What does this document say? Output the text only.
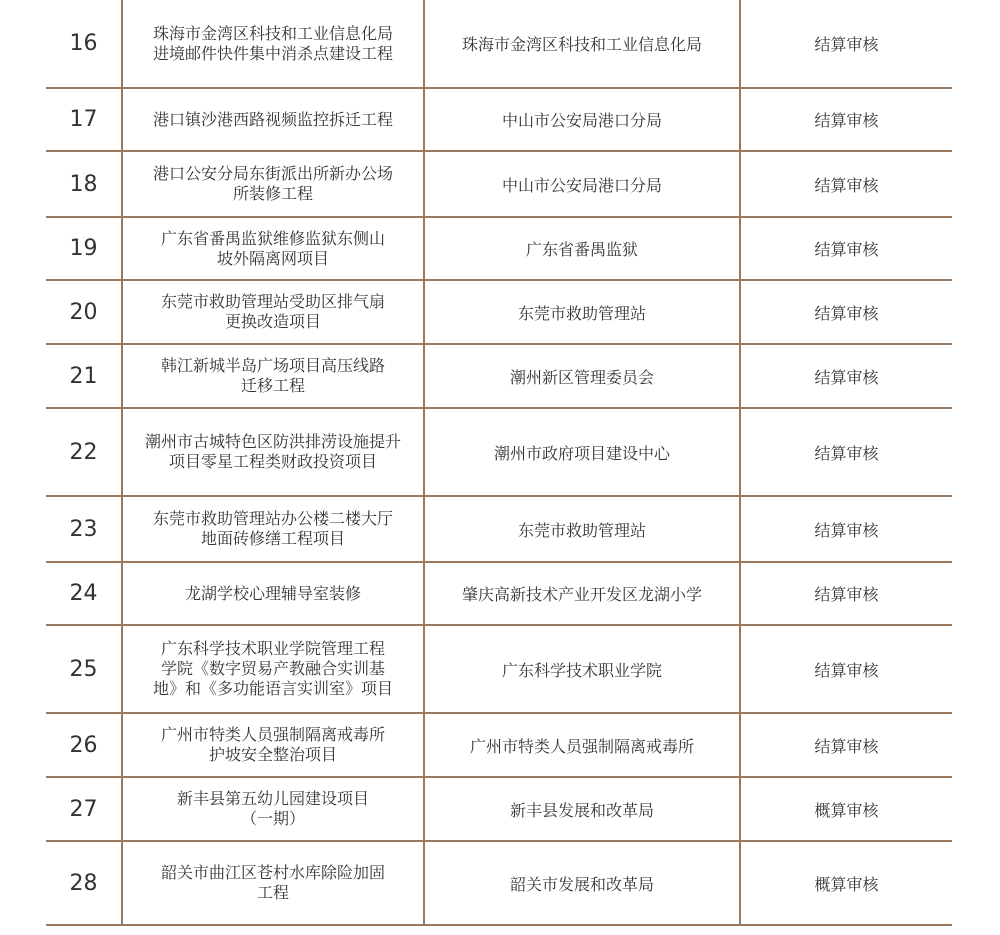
16	珠海市金湾区科技和工业信息化局
进境邮件快件集中消杀点建设工程	珠海市金湾区科技和工业信息化局	结算审核
17	港口镇沙港西路视频监控拆迁工程	中山市公安局港口分局	结算审核
18	港口公安分局东街派出所新办公场
所装修工程	中山市公安局港口分局	结算审核
19	广东省番禺监狱维修监狱东侧山
坡外隔离网项目	广东省番禺监狱	结算审核
20	东莞市救助管理站受助区排气扇
更换改造项目	东莞市救助管理站	结算审核
21	韩江新城半岛广场项目高压线路
迁移工程	潮州新区管理委员会	结算审核
22	潮州市古城特色区防洪排涝设施提升
项目零星工程类财政投资项目	潮州市政府项目建设中心	结算审核
23	东莞市救助管理站办公楼二楼大厅
地面砖修缮工程项目	东莞市救助管理站	结算审核
24	龙湖学校心理辅导室装修	肇庆高新技术产业开发区龙湖小学	结算审核
25	广东科学技术职业学院管理工程
学院《数字贸易产教融合实训基
地》和《多功能语言实训室》项目	广东科学技术职业学院	结算审核
26	广州市特类人员强制隔离戒毒所
护坡安全整治项目	广州市特类人员强制隔离戒毒所	结算审核
27	新丰县第五幼儿园建设项目
（一期）	新丰县发展和改革局	概算审核
28	韶关市曲江区苍村水库除险加固
工程	韶关市发展和改革局	概算审核
